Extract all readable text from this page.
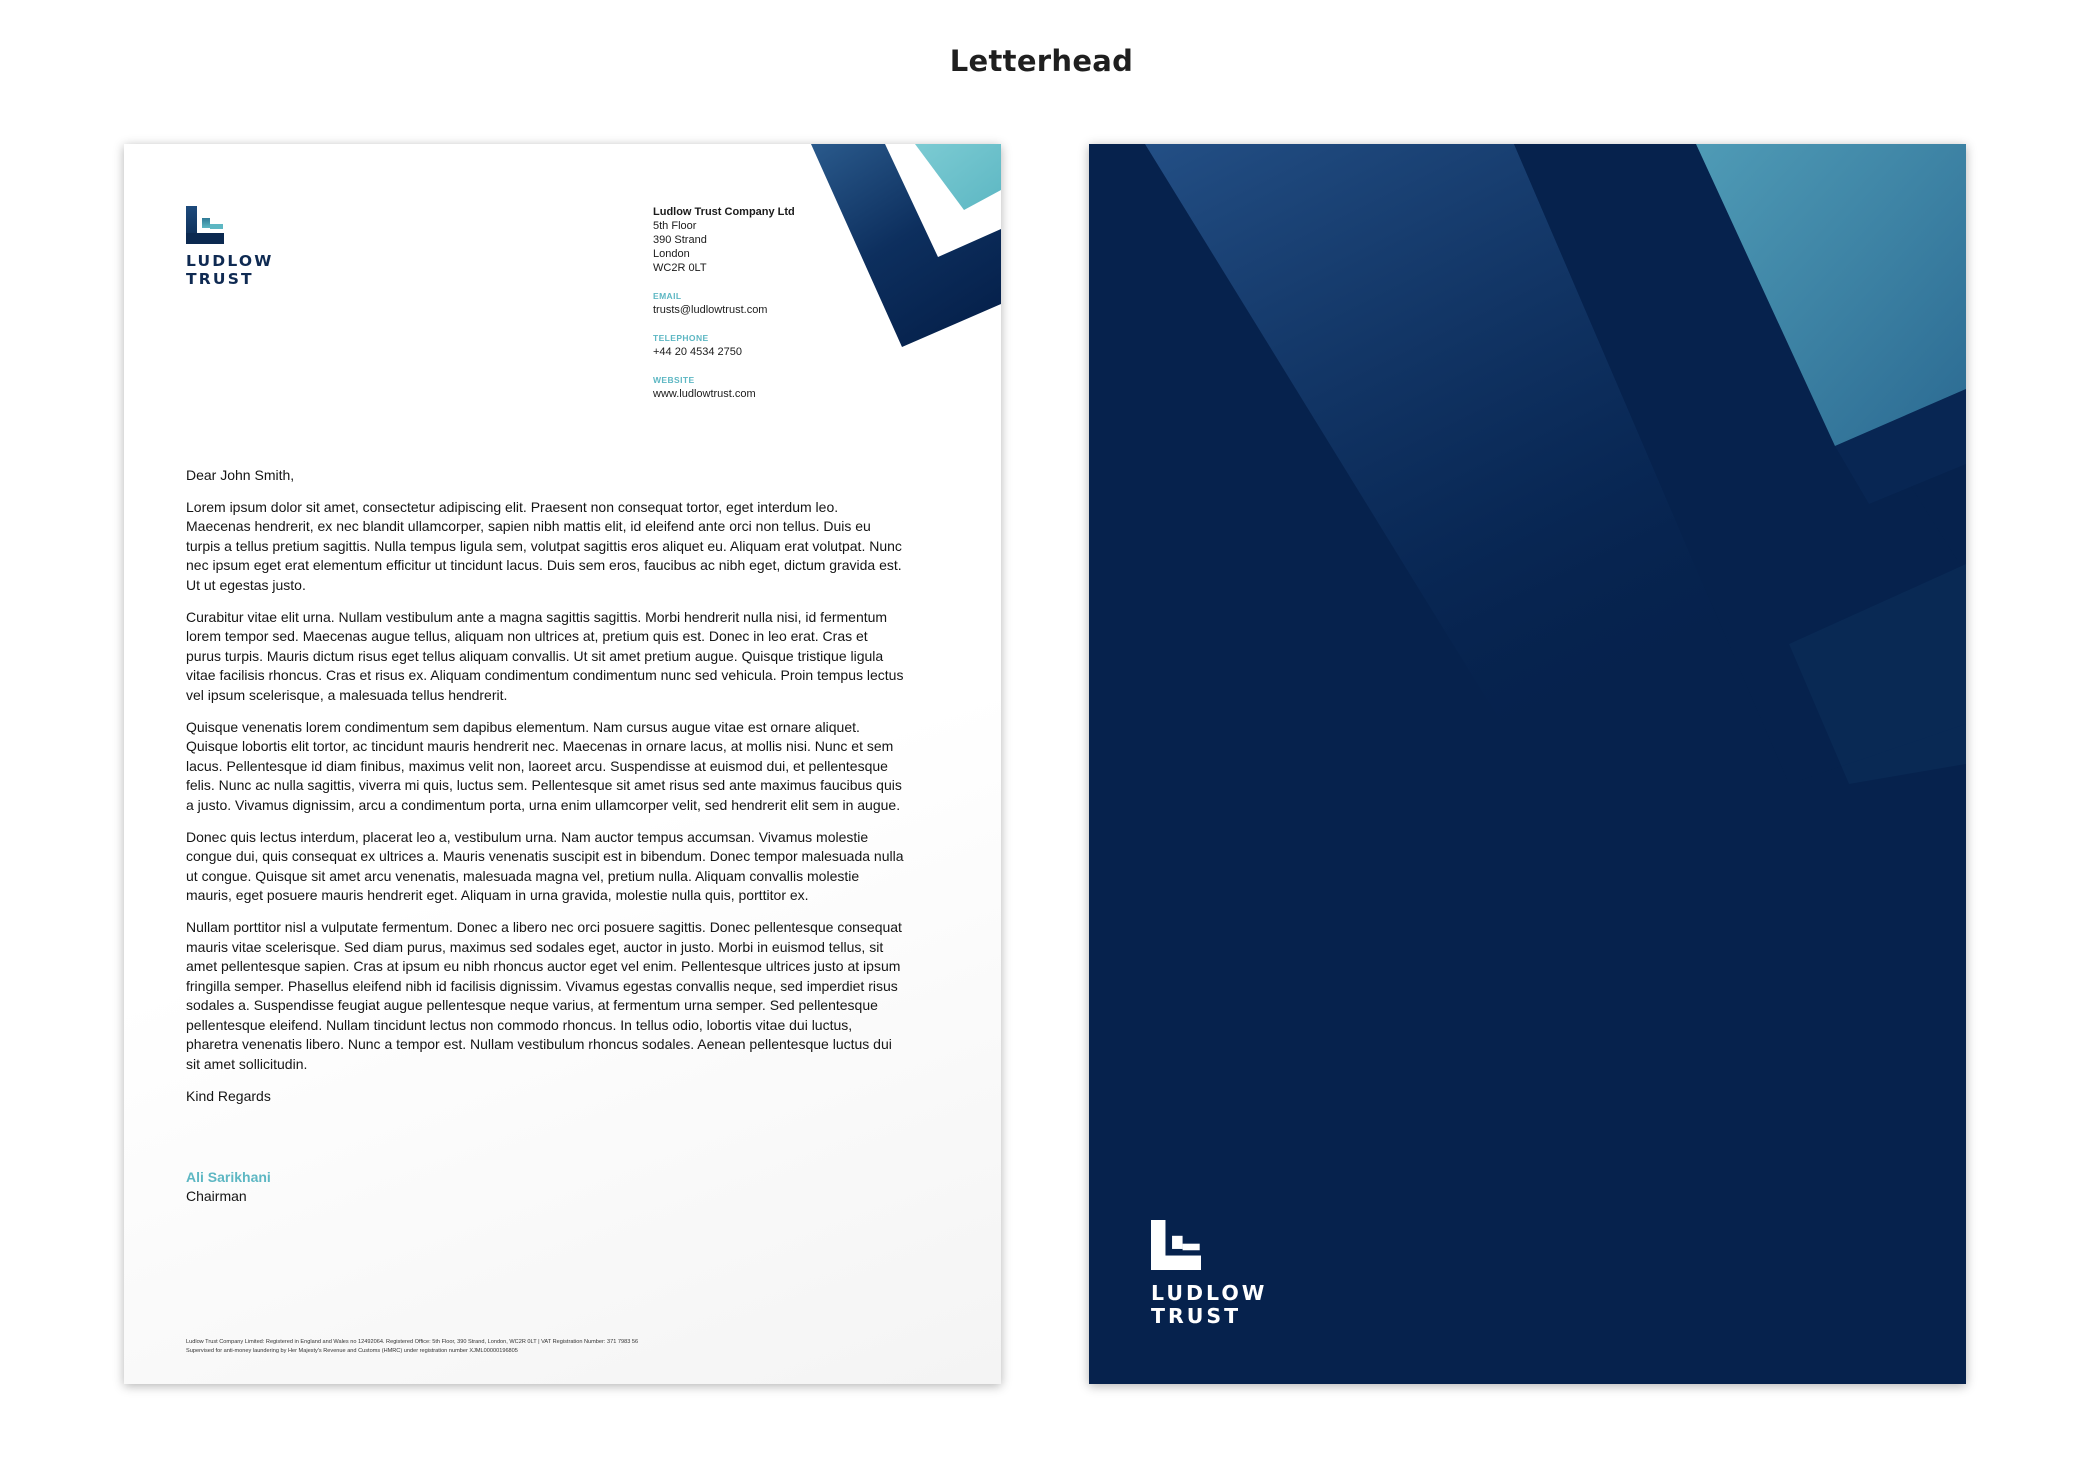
Letterhead
LUDLOW
TRUST
Ludlow Trust Company Ltd
5th Floor
390 Strand
London
WC2R 0LT
EMAIL
trusts@ludlowtrust.com
TELEPHONE
+44 20 4534 2750
WEBSITE
www.ludlowtrust.com

Dear John Smith,

Lorem ipsum dolor sit amet, consectetur adipiscing elit. Praesent non consequat tortor, eget interdum leo. Maecenas hendrerit, ex nec blandit ullamcorper, sapien nibh mattis elit, id eleifend ante orci non tellus. Duis eu turpis a tellus pretium sagittis. Nulla tempus ligula sem, volutpat sagittis eros aliquet eu. Aliquam erat volutpat. Nunc nec ipsum eget erat elementum efficitur ut tincidunt lacus. Duis sem eros, faucibus ac nibh eget, dictum gravida est. Ut ut egestas justo.

Curabitur vitae elit urna. Nullam vestibulum ante a magna sagittis sagittis. Morbi hendrerit nulla nisi, id fermentum lorem tempor sed. Maecenas augue tellus, aliquam non ultrices at, pretium quis est. Donec in leo erat. Cras et purus turpis. Mauris dictum risus eget tellus aliquam convallis. Ut sit amet pretium augue. Quisque tristique ligula vitae facilisis rhoncus. Cras et risus ex. Aliquam condimentum condimentum nunc sed vehicula. Proin tempus lectus vel ipsum scelerisque, a malesuada tellus hendrerit.

Quisque venenatis lorem condimentum sem dapibus elementum. Nam cursus augue vitae est ornare aliquet. Quisque lobortis elit tortor, ac tincidunt mauris hendrerit nec. Maecenas in ornare lacus, at mollis nisi. Nunc et sem lacus. Pellentesque id diam finibus, maximus velit non, laoreet arcu. Suspendisse at euismod dui, et pellentesque felis. Nunc ac nulla sagittis, viverra mi quis, luctus sem. Pellentesque sit amet risus sed ante maximus faucibus quis a justo. Vivamus dignissim, arcu a condimentum porta, urna enim ullamcorper velit, sed hendrerit elit sem in augue.

Donec quis lectus interdum, placerat leo a, vestibulum urna. Nam auctor tempus accumsan. Vivamus molestie congue dui, quis consequat ex ultrices a. Mauris venenatis suscipit est in bibendum. Donec tempor malesuada nulla ut congue. Quisque sit amet arcu venenatis, malesuada magna vel, pretium nulla. Aliquam convallis molestie mauris, eget posuere mauris hendrerit eget. Aliquam in urna gravida, molestie nulla quis, porttitor ex.

Nullam porttitor nisl a vulputate fermentum. Donec a libero nec orci posuere sagittis. Donec pellentesque consequat mauris vitae scelerisque. Sed diam purus, maximus sed sodales eget, auctor in justo. Morbi in euismod tellus, sit amet pellentesque sapien. Cras at ipsum eu nibh rhoncus auctor eget vel enim. Pellentesque ultrices justo at ipsum fringilla semper. Phasellus eleifend nibh id facilisis dignissim. Vivamus egestas convallis neque, sed imperdiet risus sodales a. Suspendisse feugiat augue pellentesque neque varius, at fermentum urna semper. Sed pellentesque pellentesque eleifend. Nullam tincidunt lectus non commodo rhoncus. In tellus odio, lobortis vitae dui luctus, pharetra venenatis libero. Nunc a tempor est. Nullam vestibulum rhoncus sodales. Aenean pellentesque luctus dui sit amet sollicitudin.

Kind Regards

Ali Sarikhani
Chairman
Ludlow Trust Company Limited: Registered in England and Wales no 12492064. Registered Office: 5th Floor, 390 Strand, London, WC2R 0LT | VAT Registration Number: 371 7983 56
Supervised for anti-money laundering by Her Majesty's Revenue and Customs (HMRC) under registration number XJML00000196805
LUDLOW
TRUST
